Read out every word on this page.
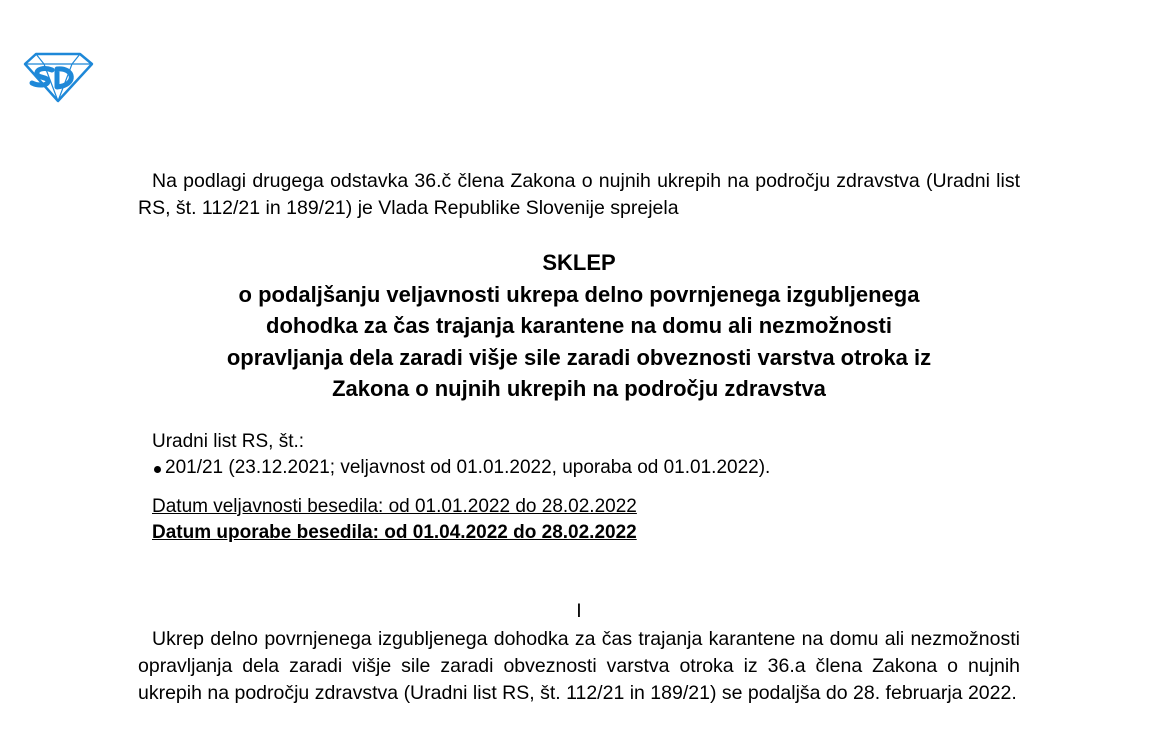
Na podlagi drugega odstavka 36.č člena Zakona o nujnih ukrepih na področju zdravstva (Uradni list RS, št. 112/21 in 189/21) je Vlada Republike Slovenije sprejela

SKLEP
o podaljšanju veljavnosti ukrepa delno povrnjenega izgubljenega
dohodka za čas trajanja karantene na domu ali nezmožnosti
opravljanja dela zaradi višje sile zaradi obveznosti varstva otroka iz
Zakona o nujnih ukrepih na področju zdravstva
Uradni list RS, št.:
201/21 (23.12.2021; veljavnost od 01.01.2022, uporaba od 01.01.2022).
Datum veljavnosti besedila: od 01.01.2022 do 28.02.2022
Datum uporabe besedila: od 01.04.2022 do 28.02.2022
I

Ukrep delno povrnjenega izgubljenega dohodka za čas trajanja karantene na domu ali nezmožnosti opravljanja dela zaradi višje sile zaradi obveznosti varstva otroka iz 36.a člena Zakona o nujnih ukrepih na področju zdravstva (Uradni list RS, št. 112/21 in 189/21) se podaljša do 28. februarja 2022.
